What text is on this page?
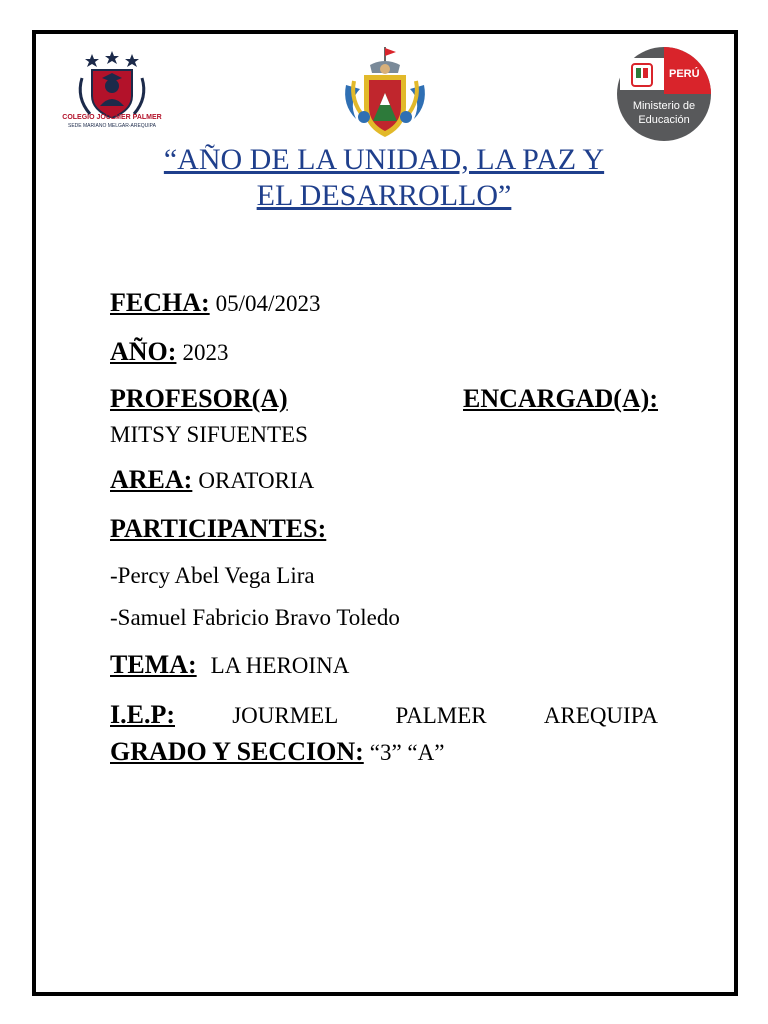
COLEGIO JOULMER PALMER
SEDE MARIANO MELGAR-AREQUIPA
PERÚ
Ministerio de
Educación
“AÑO DE LA UNIDAD, LA PAZ Y
EL DESARROLLO”
FECHA: 05/04/2023
AÑO: 2023
PROFESOR(A)	ENCARGAD(A):
MITSY SIFUENTES
AREA: ORATORIA
PARTICIPANTES:
-Percy Abel Vega Lira
-Samuel Fabricio Bravo Toledo
TEMA: LA HEROINA
I.E.P: JOURMEL PALMER AREQUIPA
GRADO Y SECCION: “3” “A”
